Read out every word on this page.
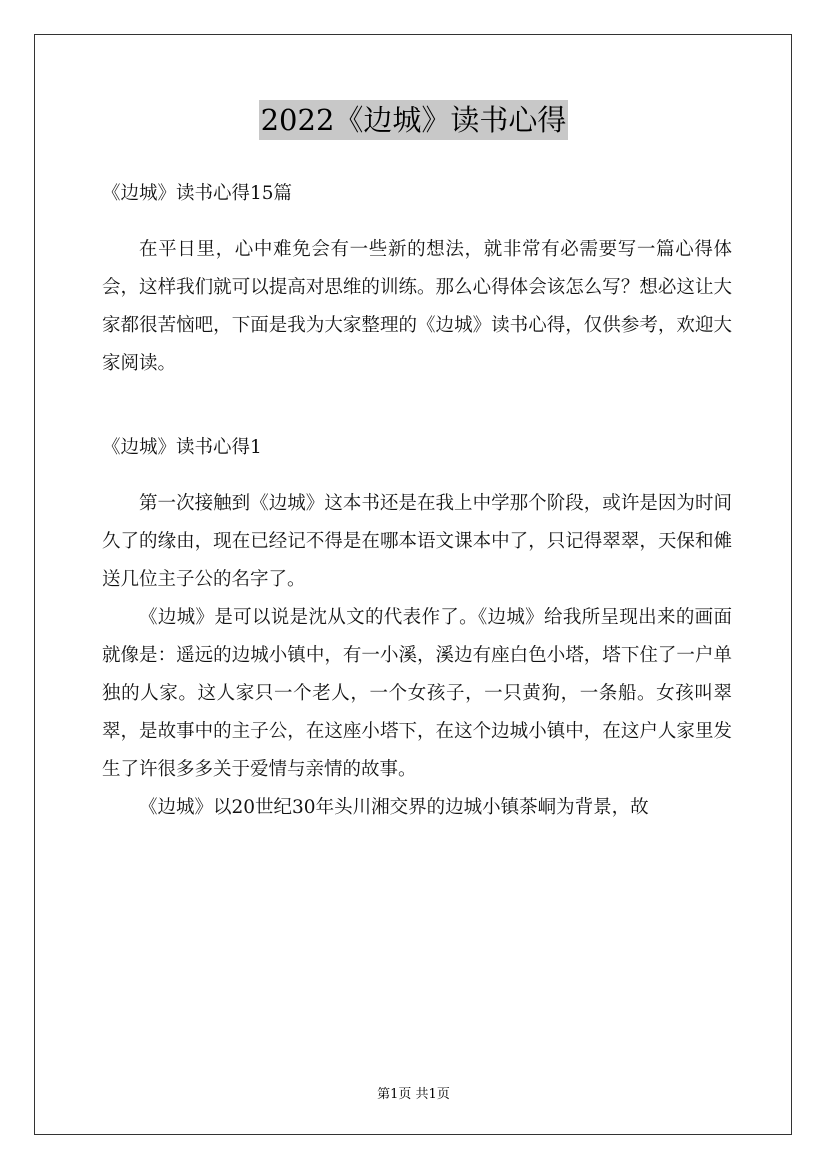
2022《边城》读书心得

《边城》读书心得15篇

在平日里，心中难免会有一些新的想法，就非常有必需要写一篇心得体会，这样我们就可以提高对思维的训练。那么心得体会该怎么写？想必这让大家都很苦恼吧，下面是我为大家整理的《边城》读书心得，仅供参考，欢迎大家阅读。

《边城》读书心得1

第一次接触到《边城》这本书还是在我上中学那个阶段，或许是因为时间久了的缘由，现在已经记不得是在哪本语文课本中了，只记得翠翠，天保和傩送几位主子公的名字了。

《边城》是可以说是沈从文的代表作了。《边城》给我所呈现出来的画面就像是：遥远的边城小镇中，有一小溪，溪边有座白色小塔，塔下住了一户单独的人家。这人家只一个老人，一个女孩子，一只黄狗，一条船。女孩叫翠翠，是故事中的主子公，在这座小塔下，在这个边城小镇中，在这户人家里发生了许很多多关于爱情与亲情的故事。

《边城》以20世纪30年头川湘交界的边城小镇茶峒为背景，故

第1页 共1页
